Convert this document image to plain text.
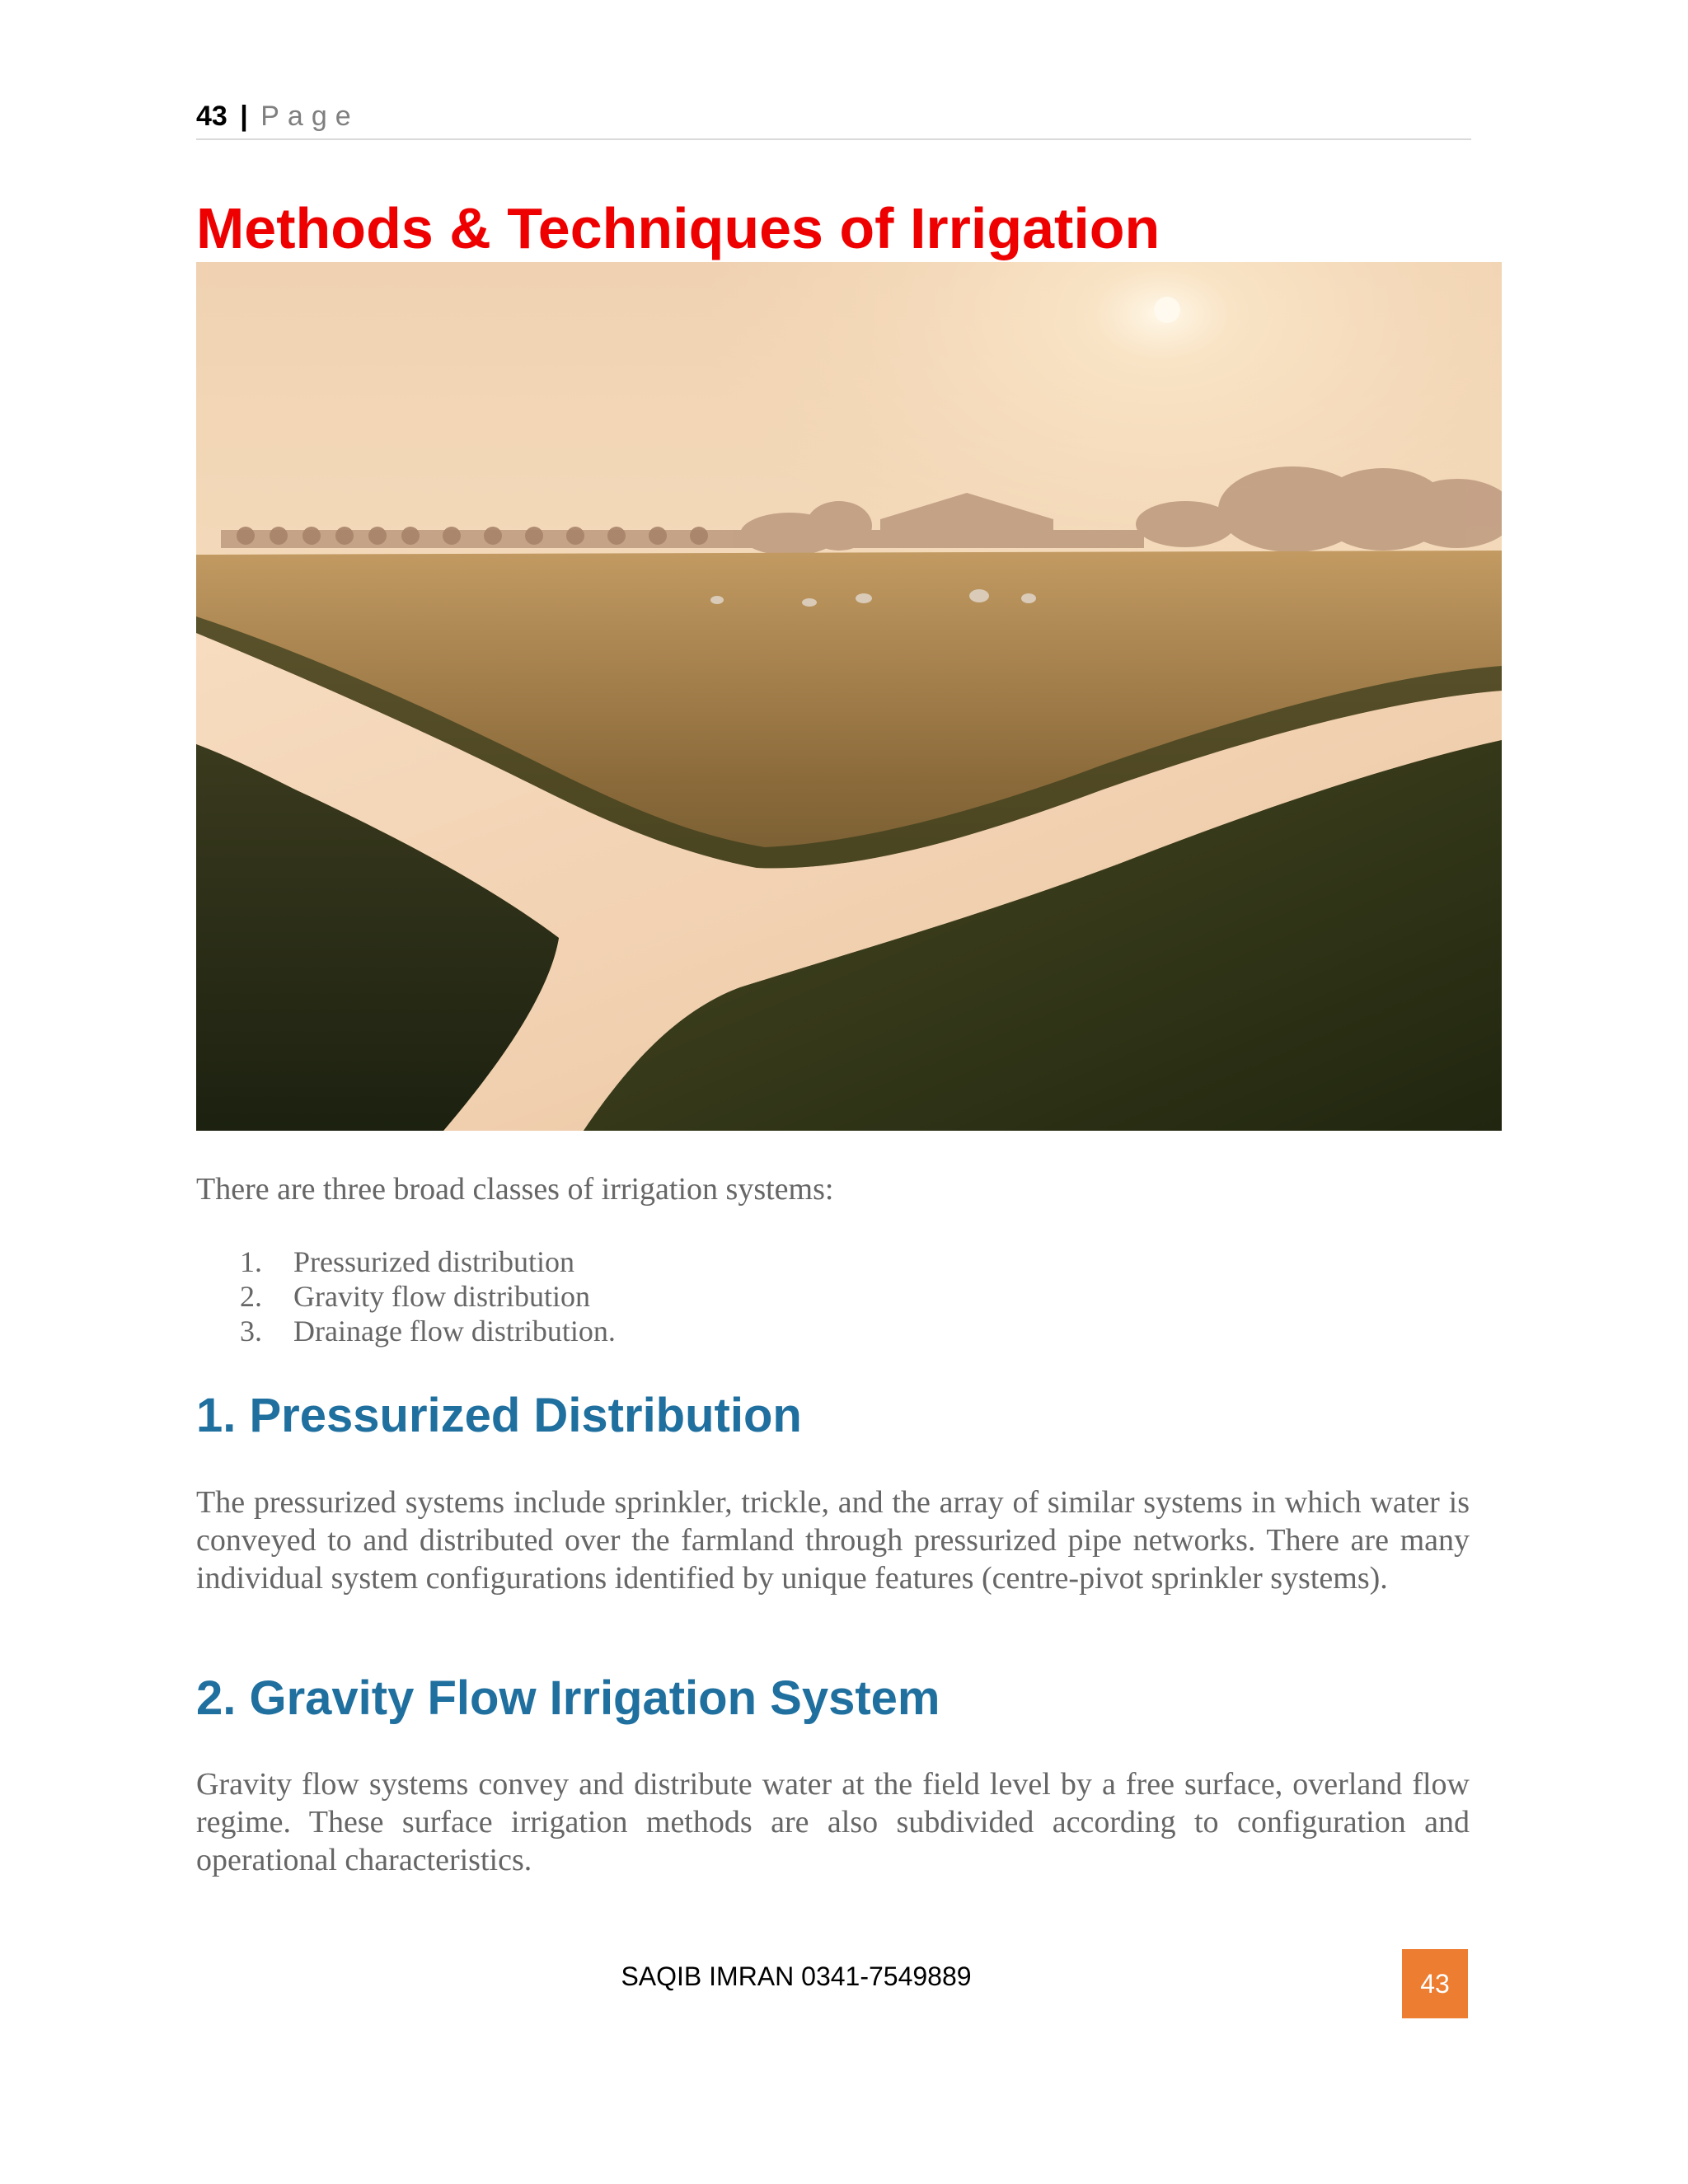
43 | Page
Methods & Techniques of Irrigation

There are three broad classes of irrigation systems:

1.	Pressurized distribution
2.	Gravity flow distribution
3.	Drainage flow distribution.
1. Pressurized Distribution

The pressurized systems include sprinkler, trickle, and the array of similar systems in which water is conveyed to and distributed over the farmland through pressurized pipe networks. There are many individual system configurations identified by unique features (centre-pivot sprinkler systems).

2. Gravity Flow Irrigation System

Gravity flow systems convey and distribute water at the field level by a free surface, overland flow regime. These surface irrigation methods are also subdivided according to configuration and operational characteristics.

SAQIB IMRAN 0341-7549889	43
